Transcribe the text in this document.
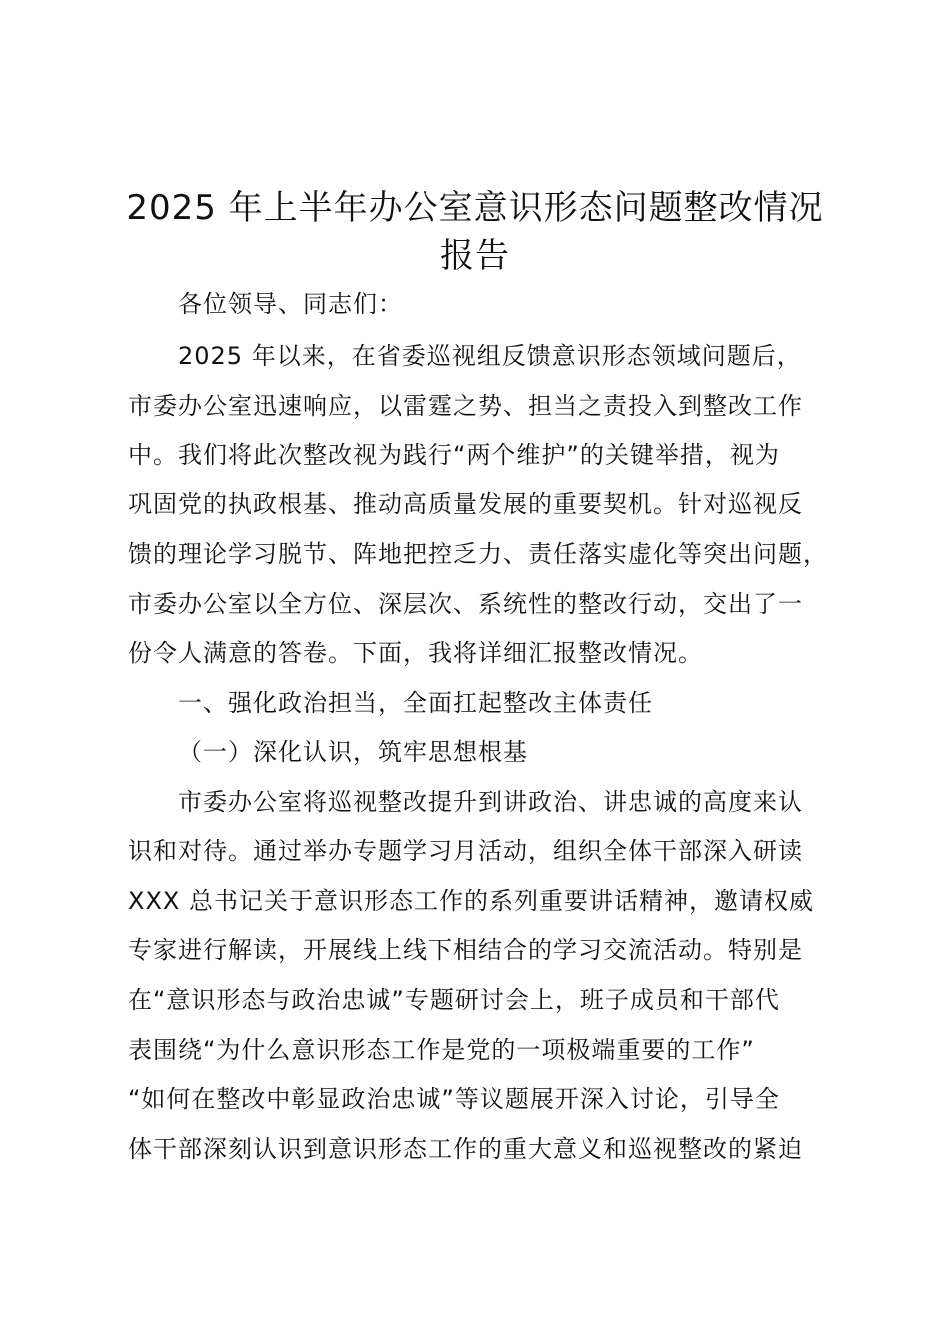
2025 年上半年办公室意识形态问题整改情况
报告
各位领导、同志们：
2025 年以来，在省委巡视组反馈意识形态领域问题后，
市委办公室迅速响应，以雷霆之势、担当之责投入到整改工作
中。我们将此次整改视为践行“两个维护”的关键举措，视为
巩固党的执政根基、推动高质量发展的重要契机。针对巡视反
馈的理论学习脱节、阵地把控乏力、责任落实虚化等突出问题，
市委办公室以全方位、深层次、系统性的整改行动，交出了一
份令人满意的答卷。下面，我将详细汇报整改情况。
一、强化政治担当，全面扛起整改主体责任
（一）深化认识，筑牢思想根基
市委办公室将巡视整改提升到讲政治、讲忠诚的高度来认
识和对待。通过举办专题学习月活动，组织全体干部深入研读
XXX 总书记关于意识形态工作的系列重要讲话精神，邀请权威
专家进行解读，开展线上线下相结合的学习交流活动。特别是
在“意识形态与政治忠诚”专题研讨会上，班子成员和干部代
表围绕“为什么意识形态工作是党的一项极端重要的工作”
“如何在整改中彰显政治忠诚”等议题展开深入讨论，引导全
体干部深刻认识到意识形态工作的重大意义和巡视整改的紧迫
